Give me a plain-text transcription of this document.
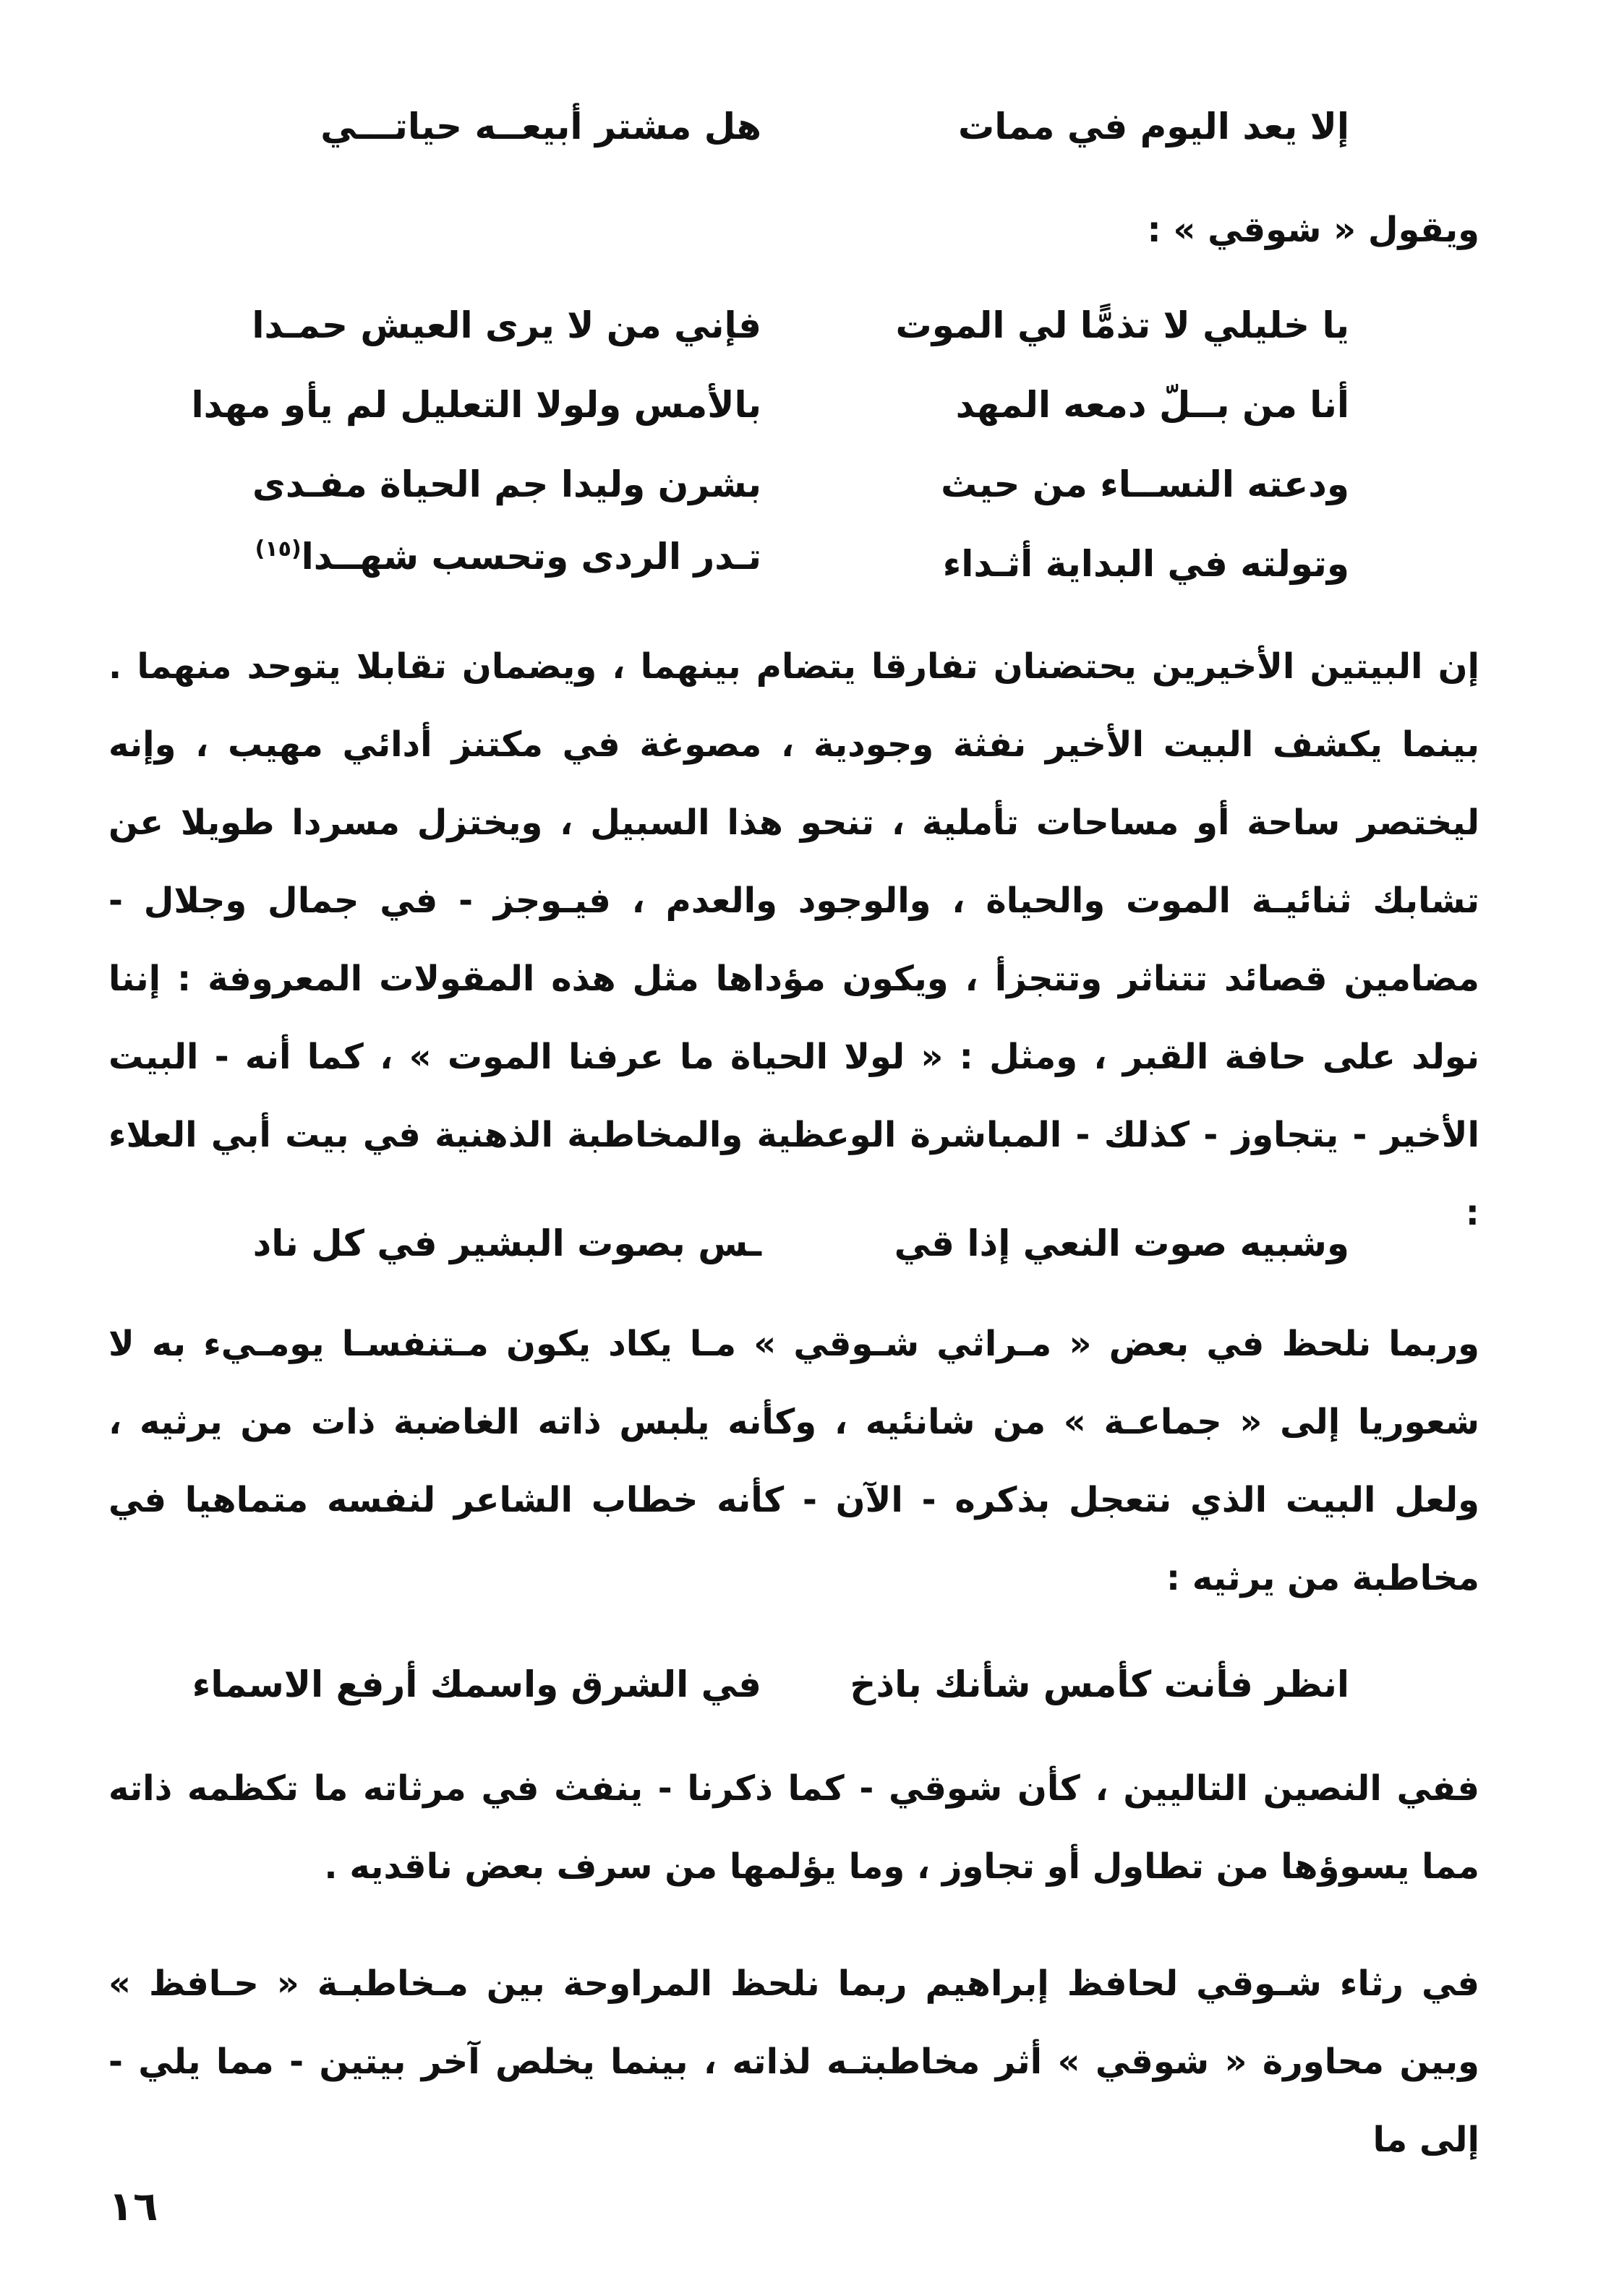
إلا يعد اليوم في ممات
هل مشتر أبيعــه حياتـــي
ويقول « شوقي » :
يا خليلي لا تذمًّا لي الموت
فإني من لا يرى العيش حمـدا
أنا من بــلّ دمعه المهد
بالأمس ولولا التعليل لم يأو مهدا
ودعته النســاء من حيث
بشرن وليدا جم الحياة مفـدى
وتولته في البداية أثـداء
تـدر الردى وتحسب شهــدا$^{(١٥)}$
إن البيتين الأخيرين يحتضنان تفارقا يتضام بينهما ، ويضمان تقابلا يتوحد منهما . بينما يكشف البيت الأخير نفثة وجودية ، مصوغة في مكتنز أدائي مهيب ، وإنه ليختصر ساحة أو مساحات تأملية ، تنحو هذا السبيل ، ويختزل مسردا طويلا عن تشابك ثنائيـة الموت والحياة ، والوجود والعدم ، فيـوجز - في جمال وجلال - مضامين قصائد تتناثر وتتجزأ ، ويكون مؤداها مثل هذه المقولات المعروفة : إننا نولد على حافة القبر ، ومثل : « لولا الحياة ما عرفنا الموت » ، كما أنه - البيت الأخير - يتجاوز - كذلك - المباشرة الوعظية والمخاطبة الذهنية في بيت أبي العلاء :
وشبيه صوت النعي إذا قي
ـس بصوت البشير في كل ناد
وربما نلحظ في بعض « مـراثي شـوقي » مـا يكاد يكون مـتنفسـا يومـيء به لا شعوريا إلى « جماعـة » من شانئيه ، وكأنه يلبس ذاته الغاضبة ذات من يرثيه ، ولعل البيت الذي نتعجل بذكره - الآن - كأنه خطاب الشاعر لنفسه متماهيا في مخاطبة من يرثيه :
انظر فأنت كأمس شأنك باذخ
في الشرق واسمك أرفع الاسماء
ففي النصين التاليين ، كأن شوقي - كما ذكرنا - ينفث في مرثاته ما تكظمه ذاته مما يسوؤها من تطاول أو تجاوز ، وما يؤلمها من سرف بعض ناقديه .
في رثاء شـوقي لحافظ إبراهيم ربما نلحظ المراوحة بين مـخاطبـة « حـافظ » وبين محاورة « شوقي » أثر مخاطبتـه لذاته ، بينما يخلص آخر بيتين - مما يلي - إلى ما
١٦
